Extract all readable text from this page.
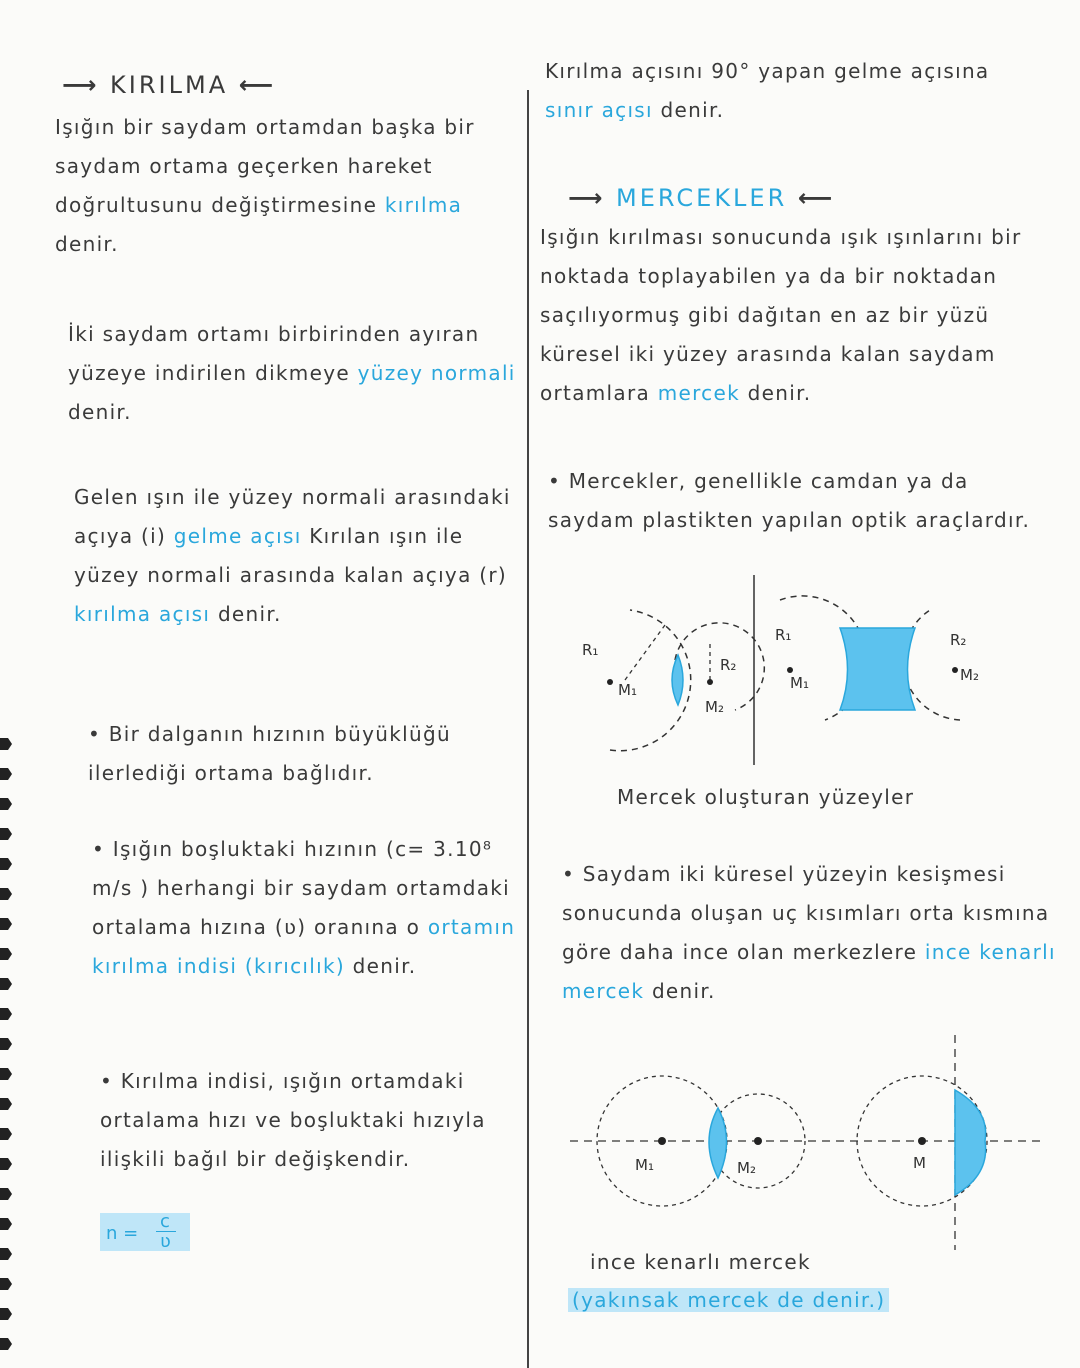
⟶ KIRILMA ⟵
Işığın bir saydam ortamdan başka bir saydam ortama geçerken hareket doğrultusunu değiştirmesine kırılma denir.
İki saydam ortamı birbirinden ayıran yüzeye indirilen dikmeye yüzey normali denir.
Gelen ışın ile yüzey normali arasındaki açıya (i) gelme açısı Kırılan ışın ile yüzey normali arasında kalan açıya (r) kırılma açısı denir.
• Bir dalganın hızının büyüklüğü ilerlediği ortama bağlıdır.
• Işığın boşluktaki hızının (c= 3.10⁸ m/s ) herhangi bir saydam ortamdaki ortalama hızına (ʋ) oranına o ortamın kırılma indisi (kırıcılık) denir.
• Kırılma indisi, ışığın ortamdaki ortalama hızı ve boşluktaki hızıyla ilişkili bağıl bir değişkendir.
n =
c
ʋ
Kırılma açısını 90° yapan gelme açısına sınır açısı denir.
⟶ MERCEKLER ⟵
Işığın kırılması sonucunda ışık ışınlarını bir noktada toplayabilen ya da bir noktadan saçılıyormuş gibi dağıtan en az bir yüzü küresel iki yüzey arasında kalan saydam ortamlara mercek denir.
• Mercekler, genellikle camdan ya da saydam plastikten yapılan optik araçlardır.
R₁
M₁
R₂
M₂
R₁
M₁
R₂
M₂
Mercek oluşturan yüzeyler
• Saydam iki küresel yüzeyin kesişmesi sonucunda oluşan uç kısımları orta kısmına göre daha ince olan merkezlere ince kenarlı mercek denir.
M₁	M₂	M
ince kenarlı mercek
(yakınsak mercek de denir.)
